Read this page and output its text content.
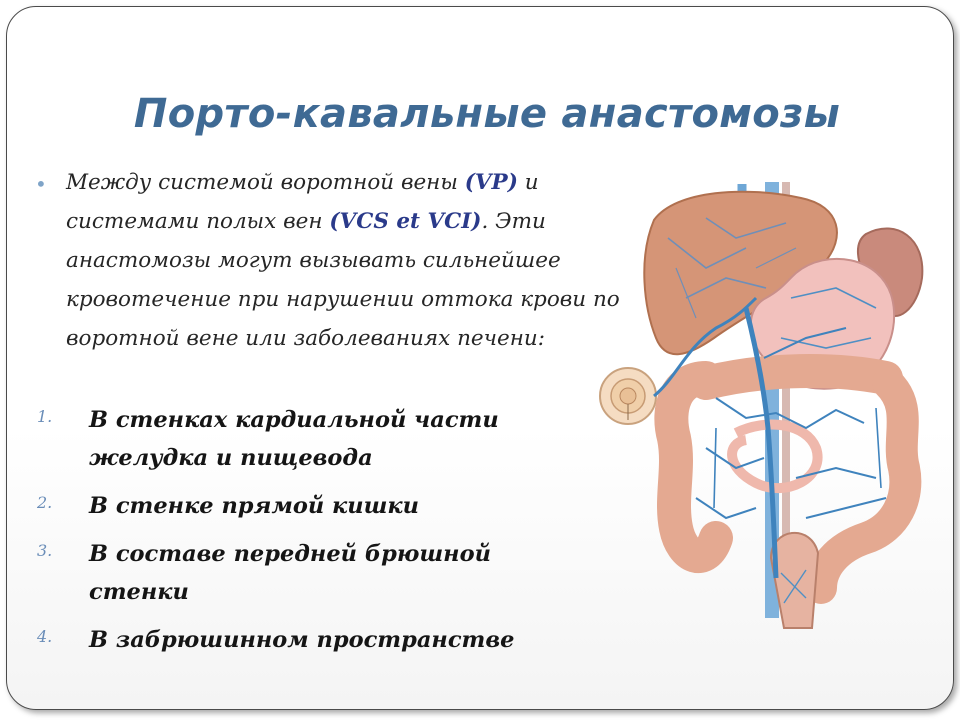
Порто-кавальные анастомозы
• Между системой воротной вены (VP) и системами полых вен (VCS et VCI). Эти анастомозы могут вызывать сильнейшее кровотечение при нарушении оттока крови по воротной вене или заболеваниях печени:
1. В стенках кардиальной части желудка и пищевода
2. В стенке прямой кишки
3. В составе передней брюшной стенки
4. В забрюшинном пространстве
